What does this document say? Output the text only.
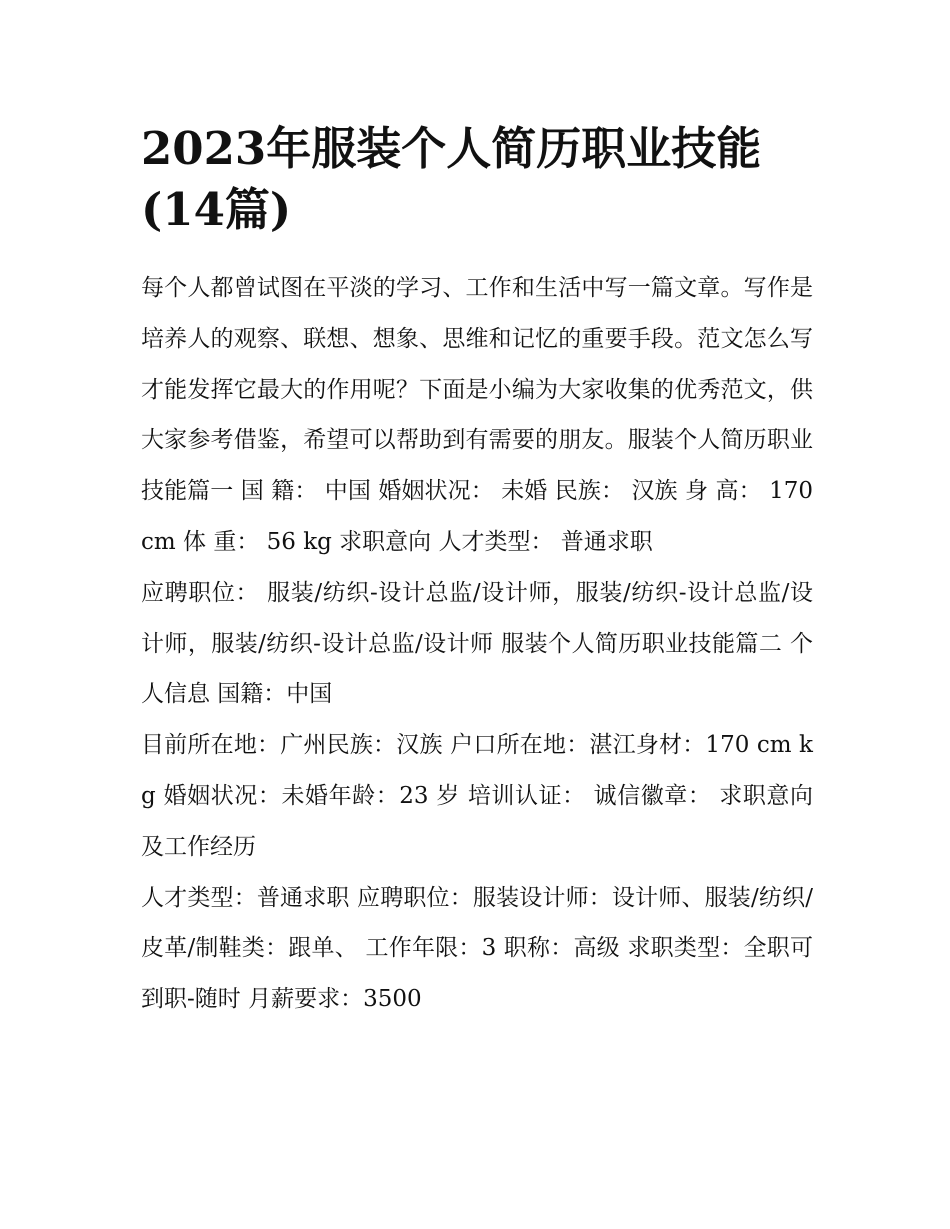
2023年服装个人简历职业技能(14篇)

每个人都曾试图在平淡的学习、工作和生活中写一篇文章。写作是培养人的观察、联想、想象、思维和记忆的重要手段。范文怎么写才能发挥它最大的作用呢？下面是小编为大家收集的优秀范文，供大家参考借鉴，希望可以帮助到有需要的朋友。服装个人简历职业技能篇一 国 籍： 中国 婚姻状况： 未婚 民族： 汉族 身 高： 170 cm 体 重： 56 kg 求职意向 人才类型： 普通求职

应聘职位： 服装/纺织-设计总监/设计师，服装/纺织-设计总监/设计师，服装/纺织-设计总监/设计师 服装个人简历职业技能篇二 个人信息 国籍：中国

目前所在地：广州民族：汉族 户口所在地：湛江身材：170 cm kg 婚姻状况：未婚年龄：23 岁 培训认证： 诚信徽章： 求职意向及工作经历

人才类型：普通求职 应聘职位：服装设计师：设计师、服装/纺织/皮革/制鞋类：跟单、 工作年限：3 职称：高级 求职类型：全职可到职-随时 月薪要求：3500
